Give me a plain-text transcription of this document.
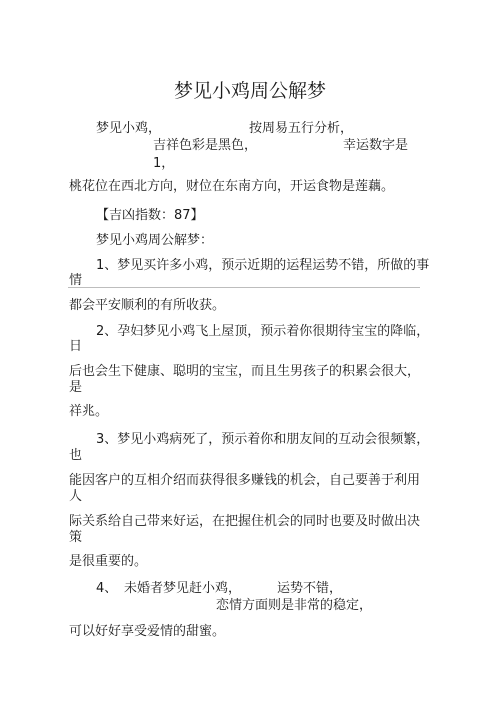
梦见小鸡周公解梦
梦见小鸡，	按周易五行分析，
吉祥色彩是黑色，	幸运数字是
1，
桃花位在西北方向，财位在东南方向，开运食物是莲藕。
【吉凶指数：87】
梦见小鸡周公解梦：
1、梦见买许多小鸡，预示近期的运程运势不错，所做的事
情
都会平安顺利的有所收获。
2、孕妇梦见小鸡飞上屋顶，预示着你很期待宝宝的降临，
日
后也会生下健康、聪明的宝宝，而且生男孩子的积累会很大，
是
祥兆。
3、梦见小鸡病死了，预示着你和朋友间的互动会很频繁，
也
能因客户的互相介绍而获得很多赚钱的机会，自己要善于利用
人
际关系给自己带来好运，在把握住机会的同时也要及时做出决
策
是很重要的。
4、 未婚者梦见赶小鸡，	运势不错，
恋情方面则是非常的稳定，
可以好好享受爱情的甜蜜。
